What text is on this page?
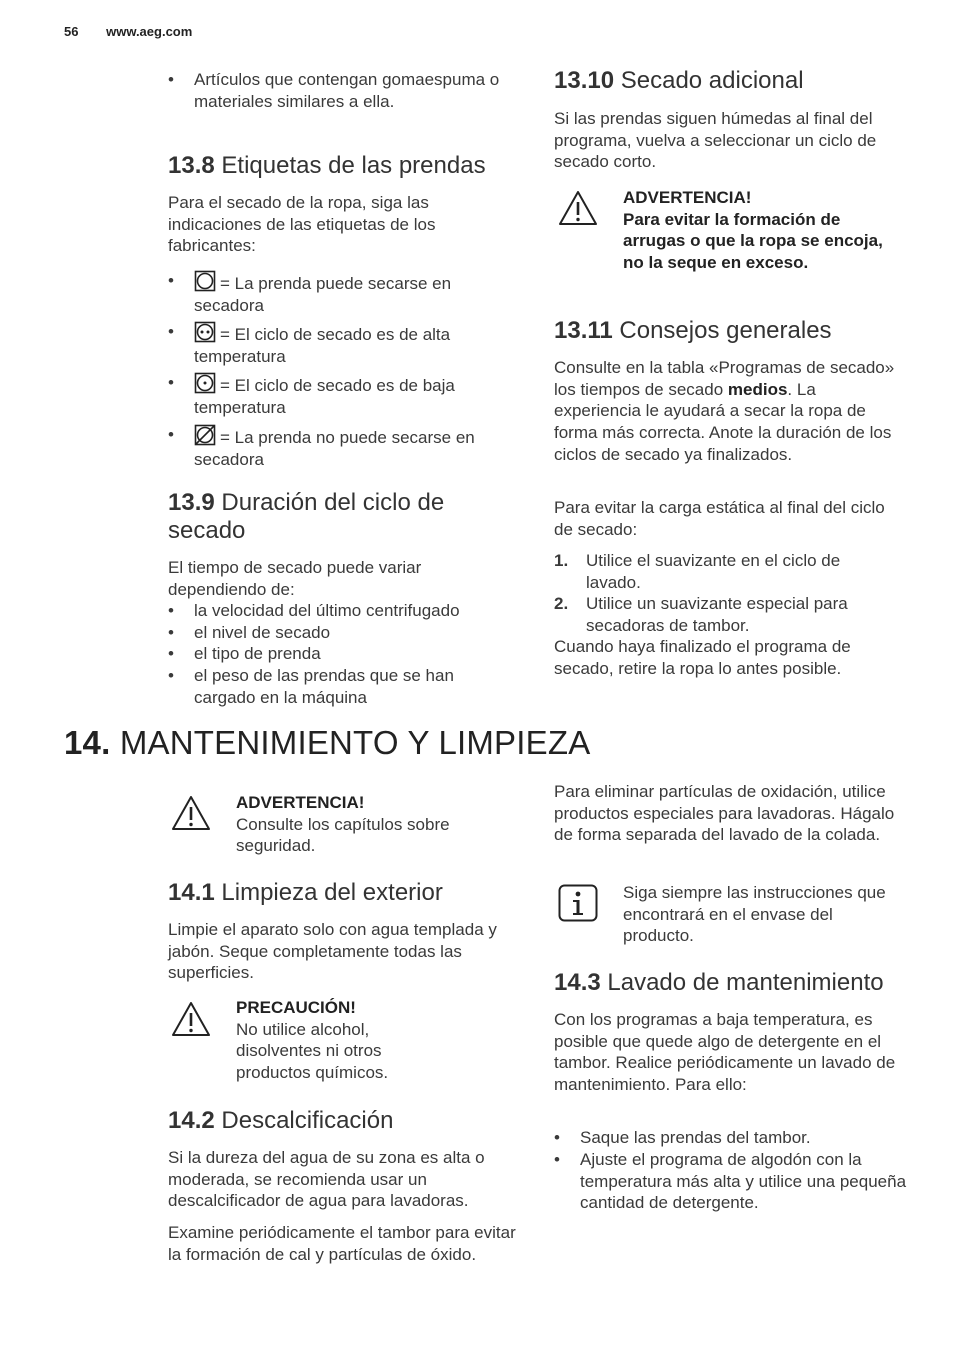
56 www.aeg.com
• Artículos que contengan gomaespuma o materiales similares a ella.
13.8 Etiquetas de las prendas

Para el secado de la ropa, siga las indicaciones de las etiquetas de los fabricantes:

•	= La prenda puede secarse en secadora
•	= El ciclo de secado es de alta temperatura
•	= El ciclo de secado es de baja temperatura
•	= La prenda no puede secarse en secadora
13.9 Duración del ciclo de secado

El tiempo de secado puede variar dependiendo de:

• la velocidad del último centrifugado
• el nivel de secado
• el tipo de prenda
• el peso de las prendas que se han cargado en la máquina
13.10 Secado adicional

Si las prendas siguen húmedas al final del programa, vuelva a seleccionar un ciclo de secado corto.

ADVERTENCIA!
Para evitar la formación de arrugas o que la ropa se encoja, no la seque en exceso.
13.11 Consejos generales

Consulte en la tabla «Programas de secado» los tiempos de secado medios. La experiencia le ayudará a secar la ropa de forma más correcta. Anote la duración de los ciclos de secado ya finalizados.

Para evitar la carga estática al final del ciclo de secado:

1. Utilice el suavizante en el ciclo de lavado.
2. Utilice un suavizante especial para secadoras de tambor.

Cuando haya finalizado el programa de secado, retire la ropa lo antes posible.

14. MANTENIMIENTO Y LIMPIEZA
ADVERTENCIA!
Consulte los capítulos sobre seguridad.
14.1 Limpieza del exterior

Limpie el aparato solo con agua templada y jabón. Seque completamente todas las superficies.

PRECAUCIÓN!
No utilice alcohol, disolventes ni otros productos químicos.
14.2 Descalcificación

Si la dureza del agua de su zona es alta o moderada, se recomienda usar un descalcificador de agua para lavadoras.

Examine periódicamente el tambor para evitar la formación de cal y partículas de óxido.

Para eliminar partículas de oxidación, utilice productos especiales para lavadoras. Hágalo de forma separada del lavado de la colada.

Siga siempre las instrucciones que encontrará en el envase del producto.

14.3 Lavado de mantenimiento

Con los programas a baja temperatura, es posible que quede algo de detergente en el tambor. Realice periódicamente un lavado de mantenimiento. Para ello:

• Saque las prendas del tambor.
• Ajuste el programa de algodón con la temperatura más alta y utilice una pequeña cantidad de detergente.
